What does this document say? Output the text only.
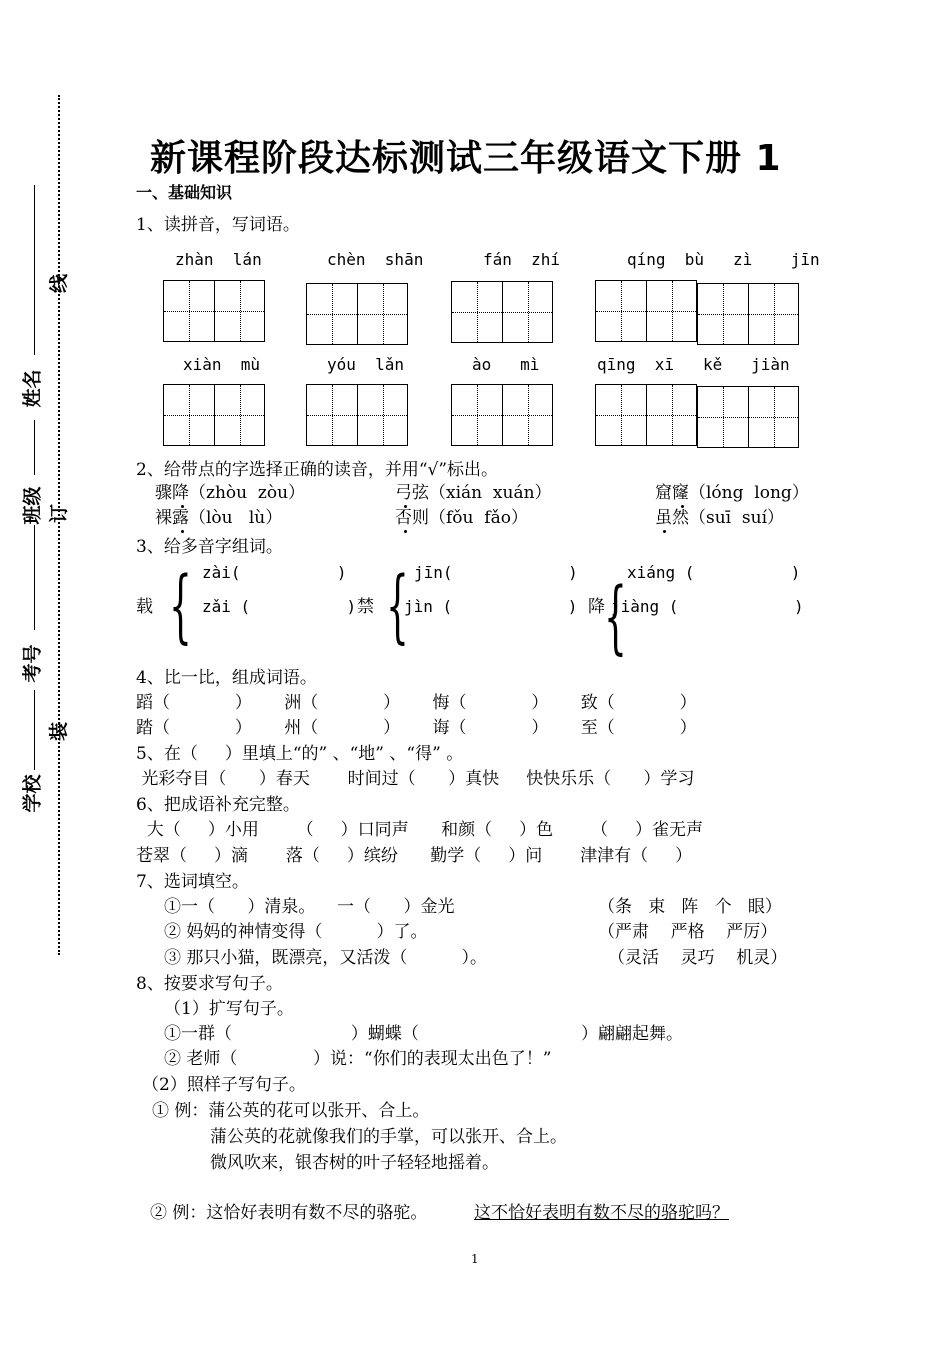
学校
装
考号
班级 订
姓名
线
新课程阶段达标测试三年级语文下册 1
一、基础知识
1、读拼音，写词语。
zhàn  lán	chèn  shān	fán  zhí	qíng  bù   zì    jīn
xiàn  mù	yóu  lǎn	ào   mì	qīng  xī   kě   jiàn
2、给带点的字选择正确的读音，并用“√”标出。
骤降（zhòu  zòu）	弓弦（xián  xuán）	窟窿（lóng  long）
裸露（lòu   lù）	否则（fǒu  fǎo）	虽然（suī  suí）
3、给多音字组词。
载 { zài(          )
zǎi (          ) 禁 { jīn(            )
jìn (            ) 降
{ xiáng (          )
jiàng (            )
4、比一比，组成词语。
蹈（            ）      洲（            ）      悔（            ）      致（            ）
踏（            ）      州（            ）      诲（            ）      至（            ）
5、在（     ）里填上“的” 、“地” 、“得” 。
光彩夺目（      ）春天       时间过（      ）真快     快快乐乐（      ）学习
6、把成语补充完整。
大（     ）小用       （     ）口同声      和颜（     ）色       （     ）雀无声
苍翠（     ）滴       落（     ）缤纷      勤学（     ）问       津津有（     ）
7、选词填空。
①一（      ）清泉。    一（      ）金光	（条   束   阵   个   眼）
② 妈妈的神情变得（          ）了。	（严肃    严格    严厉）
③ 那只小猫，既漂亮，又活泼（          ）。	（灵活    灵巧    机灵）
8、按要求写句子。
（1）扩写句子。
①一群（                      ）蝴蝶（                              ）翩翩起舞。
② 老师（              ）说：“你们的表现太出色了！”
（2）照样子写句子。
① 例：蒲公英的花可以张开、合上。
蒲公英的花就像我们的手掌，可以张开、合上。
微风吹来，银杏树的叶子轻轻地摇着。
② 例：这恰好表明有数不尽的骆驼。	这不恰好表明有数不尽的骆驼吗？
1
